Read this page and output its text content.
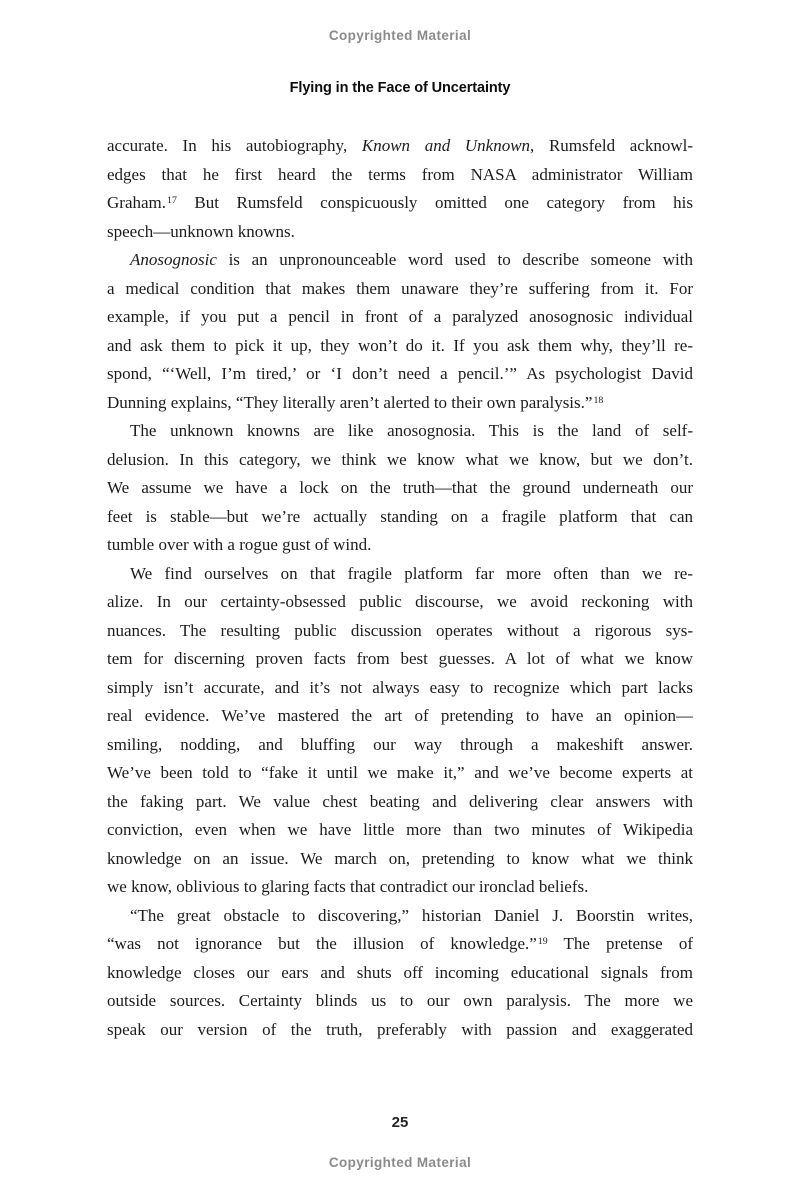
Copyrighted Material
Flying in the Face of Uncertainty
accurate. In his autobiography, Known and Unknown, Rumsfeld acknowl-
edges that he first heard the terms from NASA administrator William
Graham.$^{17}$ But Rumsfeld conspicuously omitted one category from his
speech—unknown knowns.
Anosognosic is an unpronounceable word used to describe someone with
a medical condition that makes them unaware they’re suffering from it. For
example, if you put a pencil in front of a paralyzed anosognosic individual
and ask them to pick it up, they won’t do it. If you ask them why, they’ll re-
spond, “‘Well, I’m tired,’ or ‘I don’t need a pencil.’” As psychologist David
Dunning explains, “They literally aren’t alerted to their own paralysis.”$^{18}$
The unknown knowns are like anosognosia. This is the land of self-
delusion. In this category, we think we know what we know, but we don’t.
We assume we have a lock on the truth—that the ground underneath our
feet is stable—but we’re actually standing on a fragile platform that can
tumble over with a rogue gust of wind.
We find ourselves on that fragile platform far more often than we re-
alize. In our certainty-obsessed public discourse, we avoid reckoning with
nuances. The resulting public discussion operates without a rigorous sys-
tem for discerning proven facts from best guesses. A lot of what we know
simply isn’t accurate, and it’s not always easy to recognize which part lacks
real evidence. We’ve mastered the art of pretending to have an opinion—
smiling, nodding, and bluffing our way through a makeshift answer.
We’ve been told to “fake it until we make it,” and we’ve become experts at
the faking part. We value chest beating and delivering clear answers with
conviction, even when we have little more than two minutes of Wikipedia
knowledge on an issue. We march on, pretending to know what we think
we know, oblivious to glaring facts that contradict our ironclad beliefs.
“The great obstacle to discovering,” historian Daniel J. Boorstin writes,
“was not ignorance but the illusion of knowledge.”$^{19}$ The pretense of
knowledge closes our ears and shuts off incoming educational signals from
outside sources. Certainty blinds us to our own paralysis. The more we
speak our version of the truth, preferably with passion and exaggerated
25
Copyrighted Material
